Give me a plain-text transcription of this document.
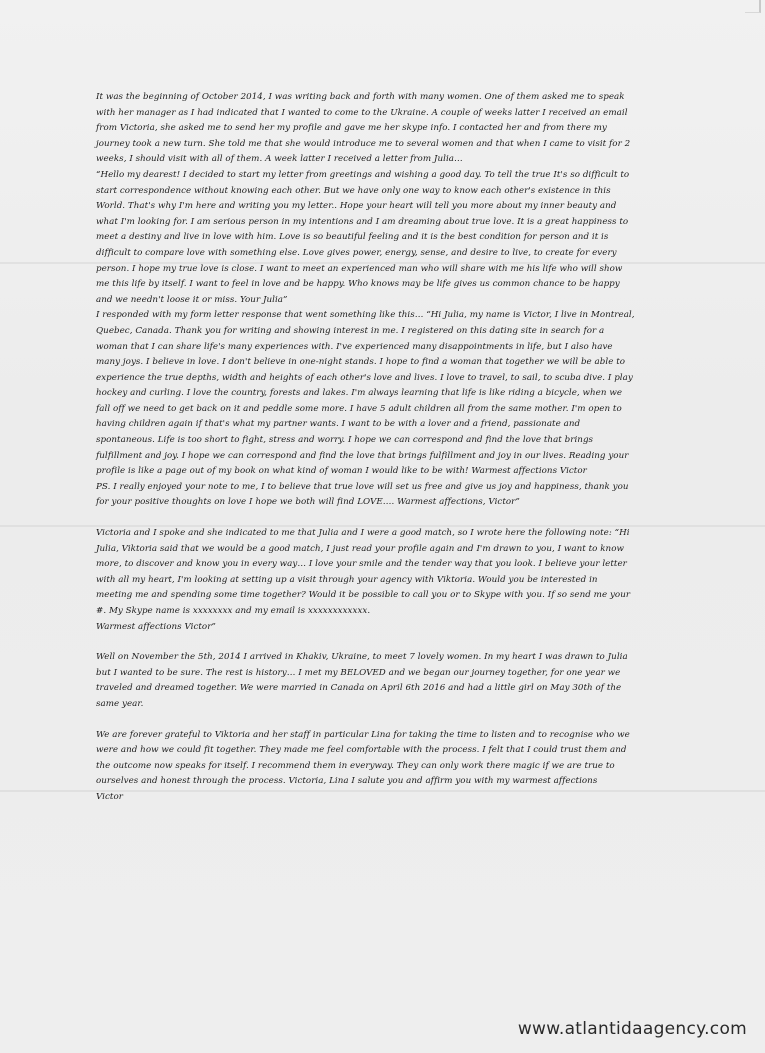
It was the beginning of October 2014, I was writing back and forth with many women. One of them asked me to speak with her manager as I had indicated that I wanted to come to the Ukraine. A couple of weeks latter I received an email from Victoria, she asked me to send her my profile and gave me her skype info. I contacted her and from there my journey took a new turn. She told me that she would introduce me to several women and that when I came to visit for 2 weeks, I should visit with all of them. A week latter I received a letter from Julia…

“Hello my dearest! I decided to start my letter from greetings and wishing a good day. To tell the true It's so difficult to start correspondence without knowing each other. But we have only one way to know each other's existence in this World. That's why I'm here and writing you my letter.. Hope your heart will tell you more about my inner beauty and what I'm looking for. I am serious person in my intentions and I am dreaming about true love. It is a great happiness to meet a destiny and live in love with him. Love is so beautiful feeling and it is the best condition for person and it is difficult to compare love with something else. Love gives power, energy, sense, and desire to live, to create for every person. I hope my true love is close. I want to meet an experienced man who will share with me his life who will show me this life by itself. I want to feel in love and be happy. Who knows may be life gives us common chance to be happy and we needn't loose it or miss. Your Julia”

I responded with my form letter response that went something like this… “Hi Julia, my name is Victor, I live in Montreal, Quebec, Canada. Thank you for writing and showing interest in me. I registered on this dating site in search for a woman that I can share life's many experiences with. I've experienced many disappointments in life, but I also have many joys. I believe in love. I don't believe in one-night stands. I hope to find a woman that together we will be able to experience the true depths, width and heights of each other's love and lives. I love to travel, to sail, to scuba dive. I play hockey and curling. I love the country, forests and lakes. I'm always learning that life is like riding a bicycle, when we fall off we need to get back on it and peddle some more. I have 5 adult children all from the same mother. I'm open to having children again if that's what my partner wants. I want to be with a lover and a friend, passionate and spontaneous. Life is too short to fight, stress and worry. I hope we can correspond and find the love that brings fulfillment and joy. I hope we can correspond and find the love that brings fulfillment and joy in our lives. Reading your profile is like a page out of my book on what kind of woman I would like to be with! Warmest affections Victor

PS. I really enjoyed your note to me, I to believe that true love will set us free and give us joy and happiness, thank you for your positive thoughts on love I hope we both will find LOVE…. Warmest affections, Victor”

Victoria and I spoke and she indicated to me that Julia and I were a good match, so I wrote here the following note: “Hi Julia, Viktoria said that we would be a good match, I just read your profile again and I'm drawn to you, I want to know more, to discover and know you in every way… I love your smile and the tender way that you look. I believe your letter with all my heart, I'm looking at setting up a visit through your agency with Viktoria. Would you be interested in meeting me and spending some time together? Would it be possible to call you or to Skype with you. If so send me your #. My Skype name is xxxxxxxx and my email is xxxxxxxxxxxx.

Warmest affections Victor”

Well on November the 5th, 2014 I arrived in Khakiv, Ukraine, to meet 7 lovely women. In my heart I was drawn to Julia but I wanted to be sure. The rest is history… I met my BELOVED and we began our journey together, for one year we traveled and dreamed together. We were married in Canada on April 6th 2016 and had a little girl on May 30th of the same year.

We are forever grateful to Viktoria and her staff in particular Lina for taking the time to listen and to recognise who we were and how we could fit together. They made me feel comfortable with the process. I felt that I could trust them and the outcome now speaks for itself. I recommend them in everyway. They can only work there magic if we are true to ourselves and honest through the process. Victoria, Lina I salute you and affirm you with my warmest affections

Victor

www.atlantidaagency.com
